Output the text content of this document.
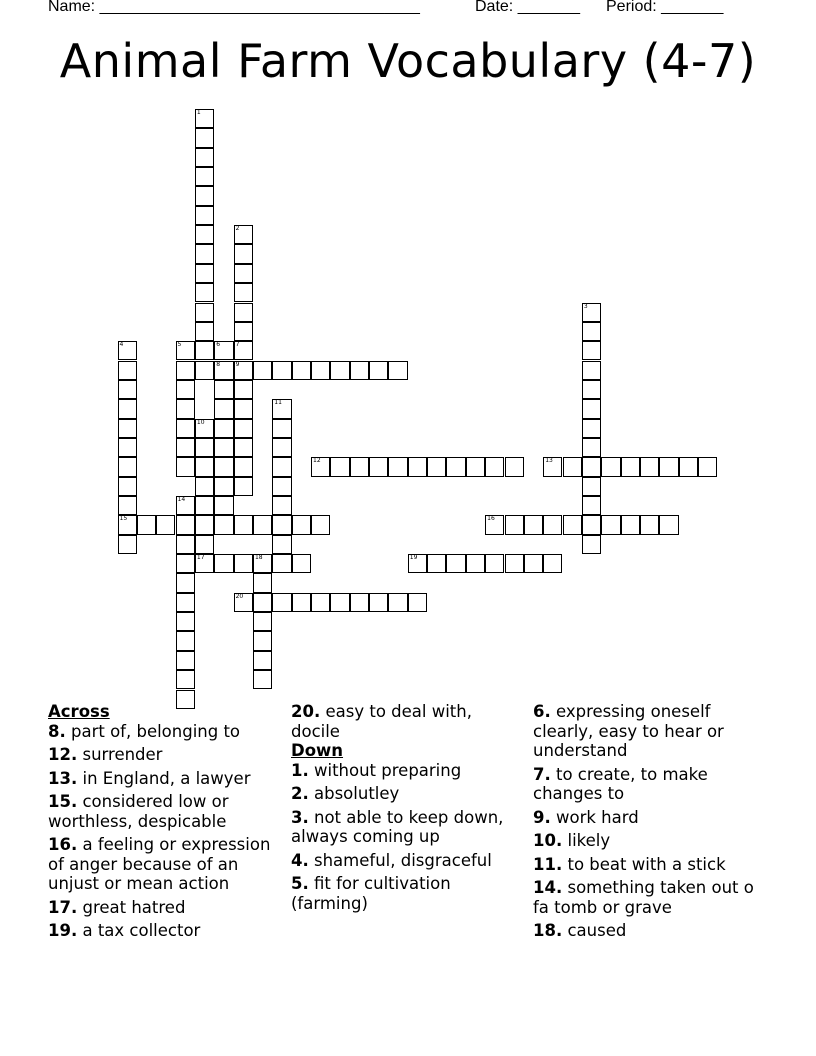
Name: ____________________________________

	Date: _______

Period: _______

Animal Farm Vocabulary (4-7)
1
2
7
9
3
4
15
5	6
8
10
17
11
12	13
14
16
18	19
20
Across
8. part of, belonging to
12. surrender
13. in England, a lawyer
15. considered low or worthless, despicable
16. a feeling or expression of anger because of an unjust or mean action
17. great hatred
19. a tax collector
20. easy to deal with, docile
Down
1. without preparing
2. absolutley
3. not able to keep down, always coming up
4. shameful, disgraceful
5. fit for cultivation (farming)
6. expressing oneself clearly, easy to hear or understand
7. to create, to make changes to
9. work hard
10. likely
11. to beat with a stick
14. something taken out o fa tomb or grave
18. caused
